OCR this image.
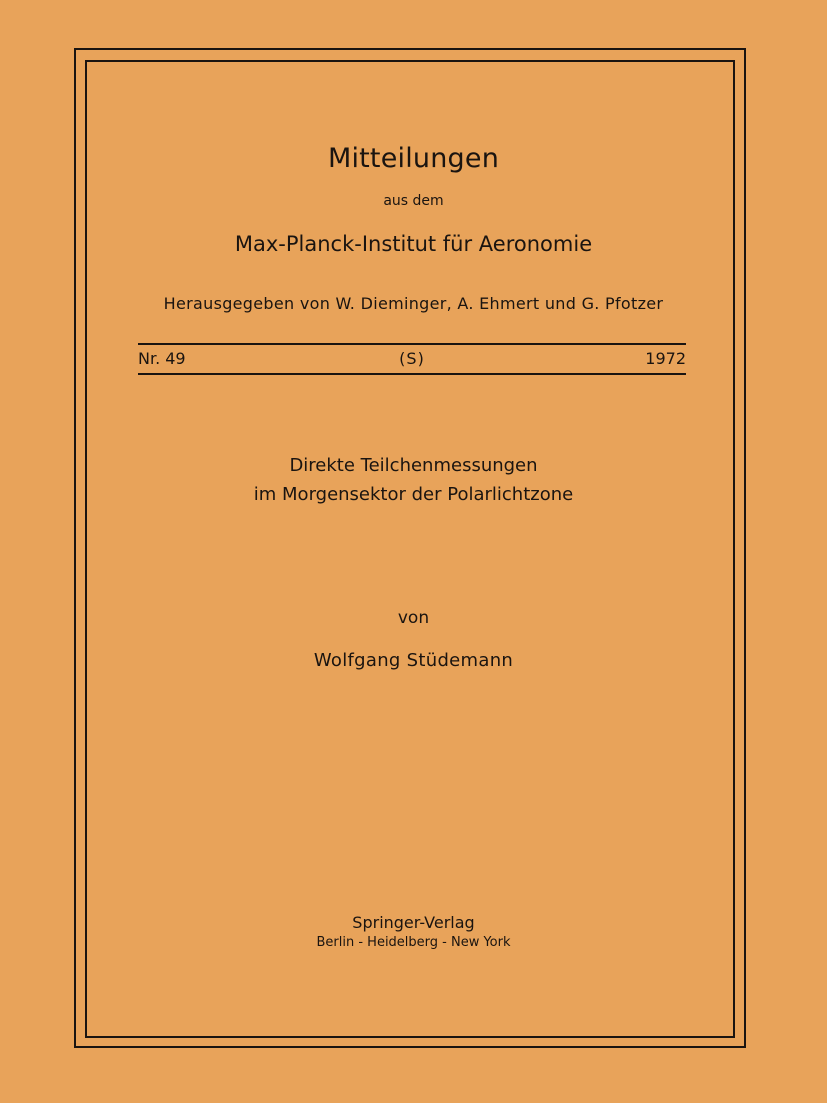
Mitteilungen
aus dem
Max-Planck-Institut für Aeronomie
Herausgegeben von W. Dieminger, A. Ehmert und G. Pfotzer
Nr. 49	(S)	1972
Direkte Teilchenmessungen
im Morgensektor der Polarlichtzone
von
Wolfgang Stüdemann
Springer-Verlag
Berlin - Heidelberg - New York
